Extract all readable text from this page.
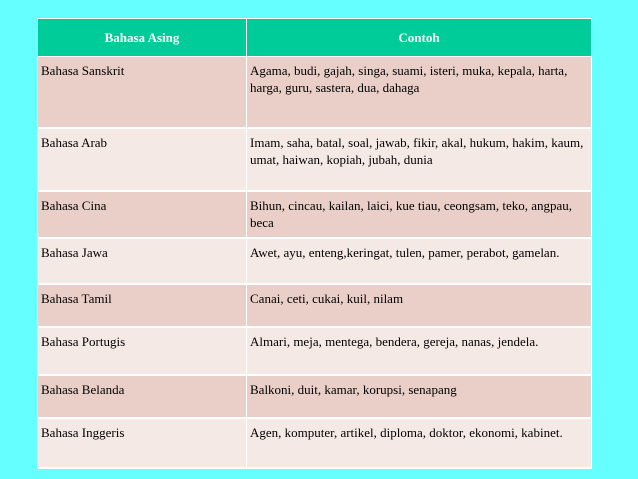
Bahasa Asing	Contoh
Bahasa Sanskrit	Agama, budi, gajah, singa, suami, isteri, muka, kepala, harta, harga, guru, sastera, dua, dahaga
Bahasa Arab	Imam, saha, batal, soal, jawab, fikir, akal, hukum, hakim, kaum, umat, haiwan, kopiah, jubah, dunia
Bahasa Cina	Bihun, cincau, kailan, laici, kue tiau, ceongsam, teko, angpau, beca
Bahasa Jawa	Awet, ayu, enteng,keringat, tulen, pamer, perabot, gamelan.
Bahasa Tamil	Canai, ceti, cukai, kuil, nilam
Bahasa Portugis	Almari, meja, mentega, bendera, gereja, nanas, jendela.
Bahasa Belanda	Balkoni, duit, kamar, korupsi, senapang
Bahasa Inggeris	Agen, komputer, artikel, diploma, doktor, ekonomi, kabinet.
